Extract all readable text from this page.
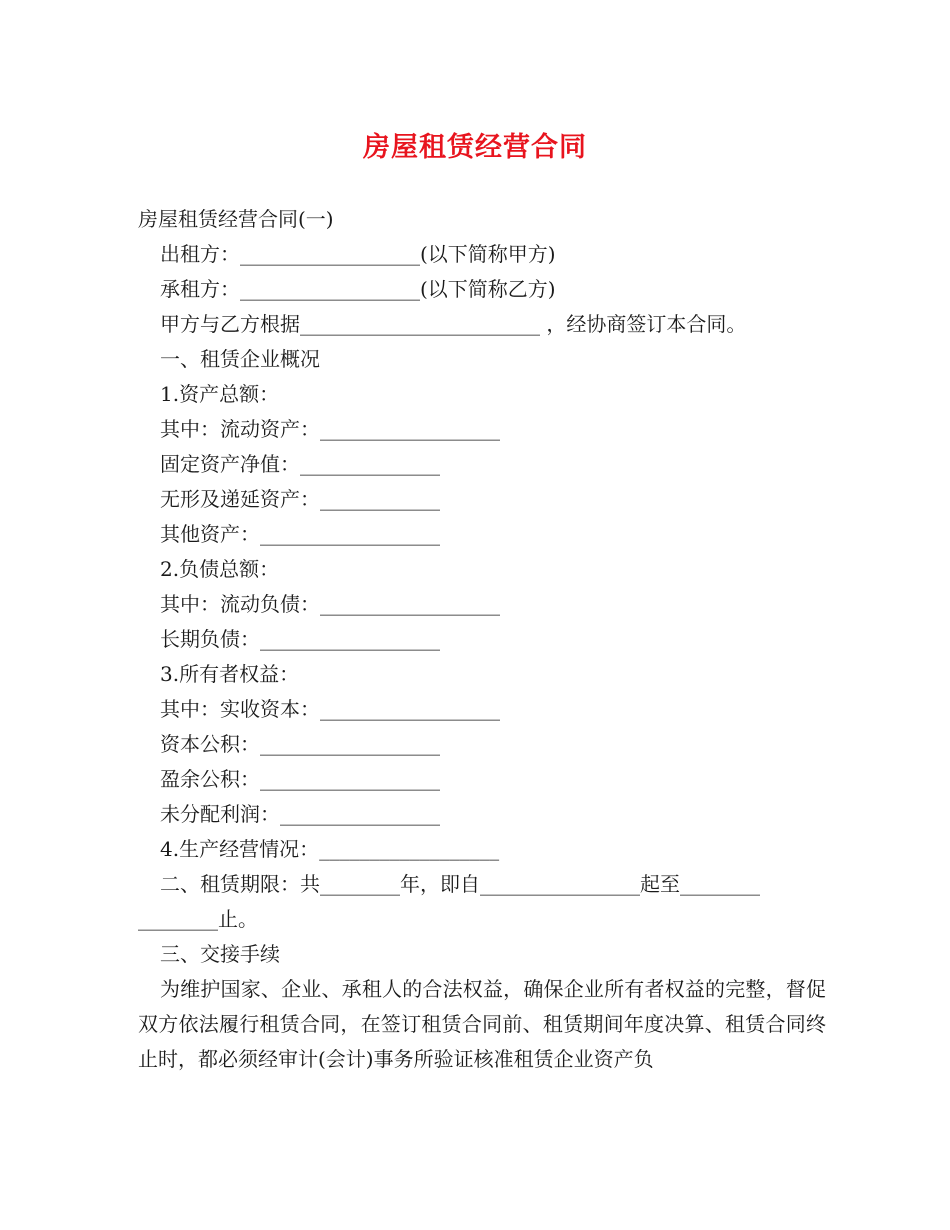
房屋租赁经营合同

房屋租赁经营合同(一)

出租方：__________________(以下简称甲方)

承租方：__________________(以下简称乙方)

甲方与乙方根据________________________ ，经协商签订本合同。

一、租赁企业概况

1.资产总额：

其中：流动资产：__________________

固定资产净值：______________

无形及递延资产：____________

其他资产：__________________

2.负债总额：

其中：流动负债：__________________

长期负债：__________________

3.所有者权益：

其中：实收资本：__________________

资本公积：__________________

盈余公积：__________________

未分配利润：________________

4.生产经营情况：__________________

二、租赁期限：共________年，即自________________起至________

________止。

三、交接手续

为维护国家、企业、承租人的合法权益，确保企业所有者权益的完整，督促双方依法履行租赁合同，在签订租赁合同前、租赁期间年度决算、租赁合同终止时，都必须经审计(会计)事务所验证核准租赁企业资产负
